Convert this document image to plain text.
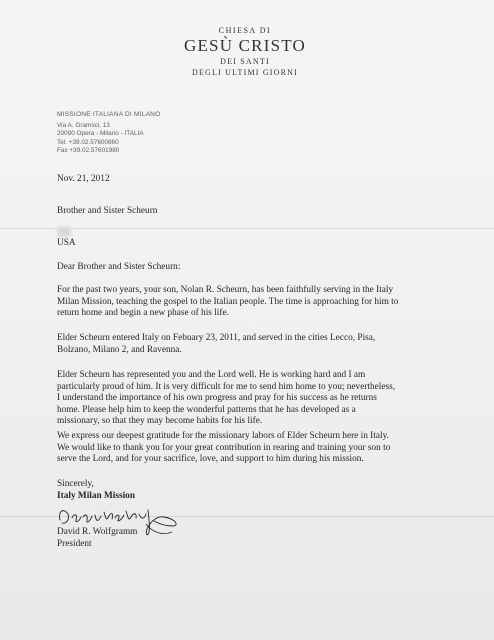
CHIESA DI
GESÙ CRISTO
DEI SANTI
DEGLI ULTIMI GIORNI
MISSIONE ITALIANA DI MILANO
Via A. Gramsci, 13
20090 Opera - Milano - ITALIA
Tel. +39.02.57600860
Fax +39.02.57601980
Nov. 21, 2012
Brother and Sister Scheurn
USA
Dear Brother and Sister Scheurn:
For the past two years, your son, Nolan R. Scheurn, has been faithfully serving in the Italy
Milan Mission, teaching the gospel to the Italian people. The time is approaching for him to
return home and begin a new phase of his life.
Elder Scheurn entered Italy on Febuary 23, 2011, and served in the cities Lecco, Pisa,
Bolzano, Milano 2, and Ravenna.
Elder Scheurn has represented you and the Lord well. He is working hard and I am
particularly proud of him. It is very difficult for me to send him home to you; nevertheless,
I understand the importance of his own progress and pray for his success as he returns
home. Please help him to keep the wonderful patterns that he has developed as a
missionary, so that they may become habits for his life.
We express our deepest gratitude for the missionary labors of Elder Scheurn here in Italy.
We would like to thank you for your great contribution in rearing and training your son to
serve the Lord, and for your sacrifice, love, and support to him during his mission.
Sincerely,
Italy Milan Mission
David R. Wolfgramm
President
